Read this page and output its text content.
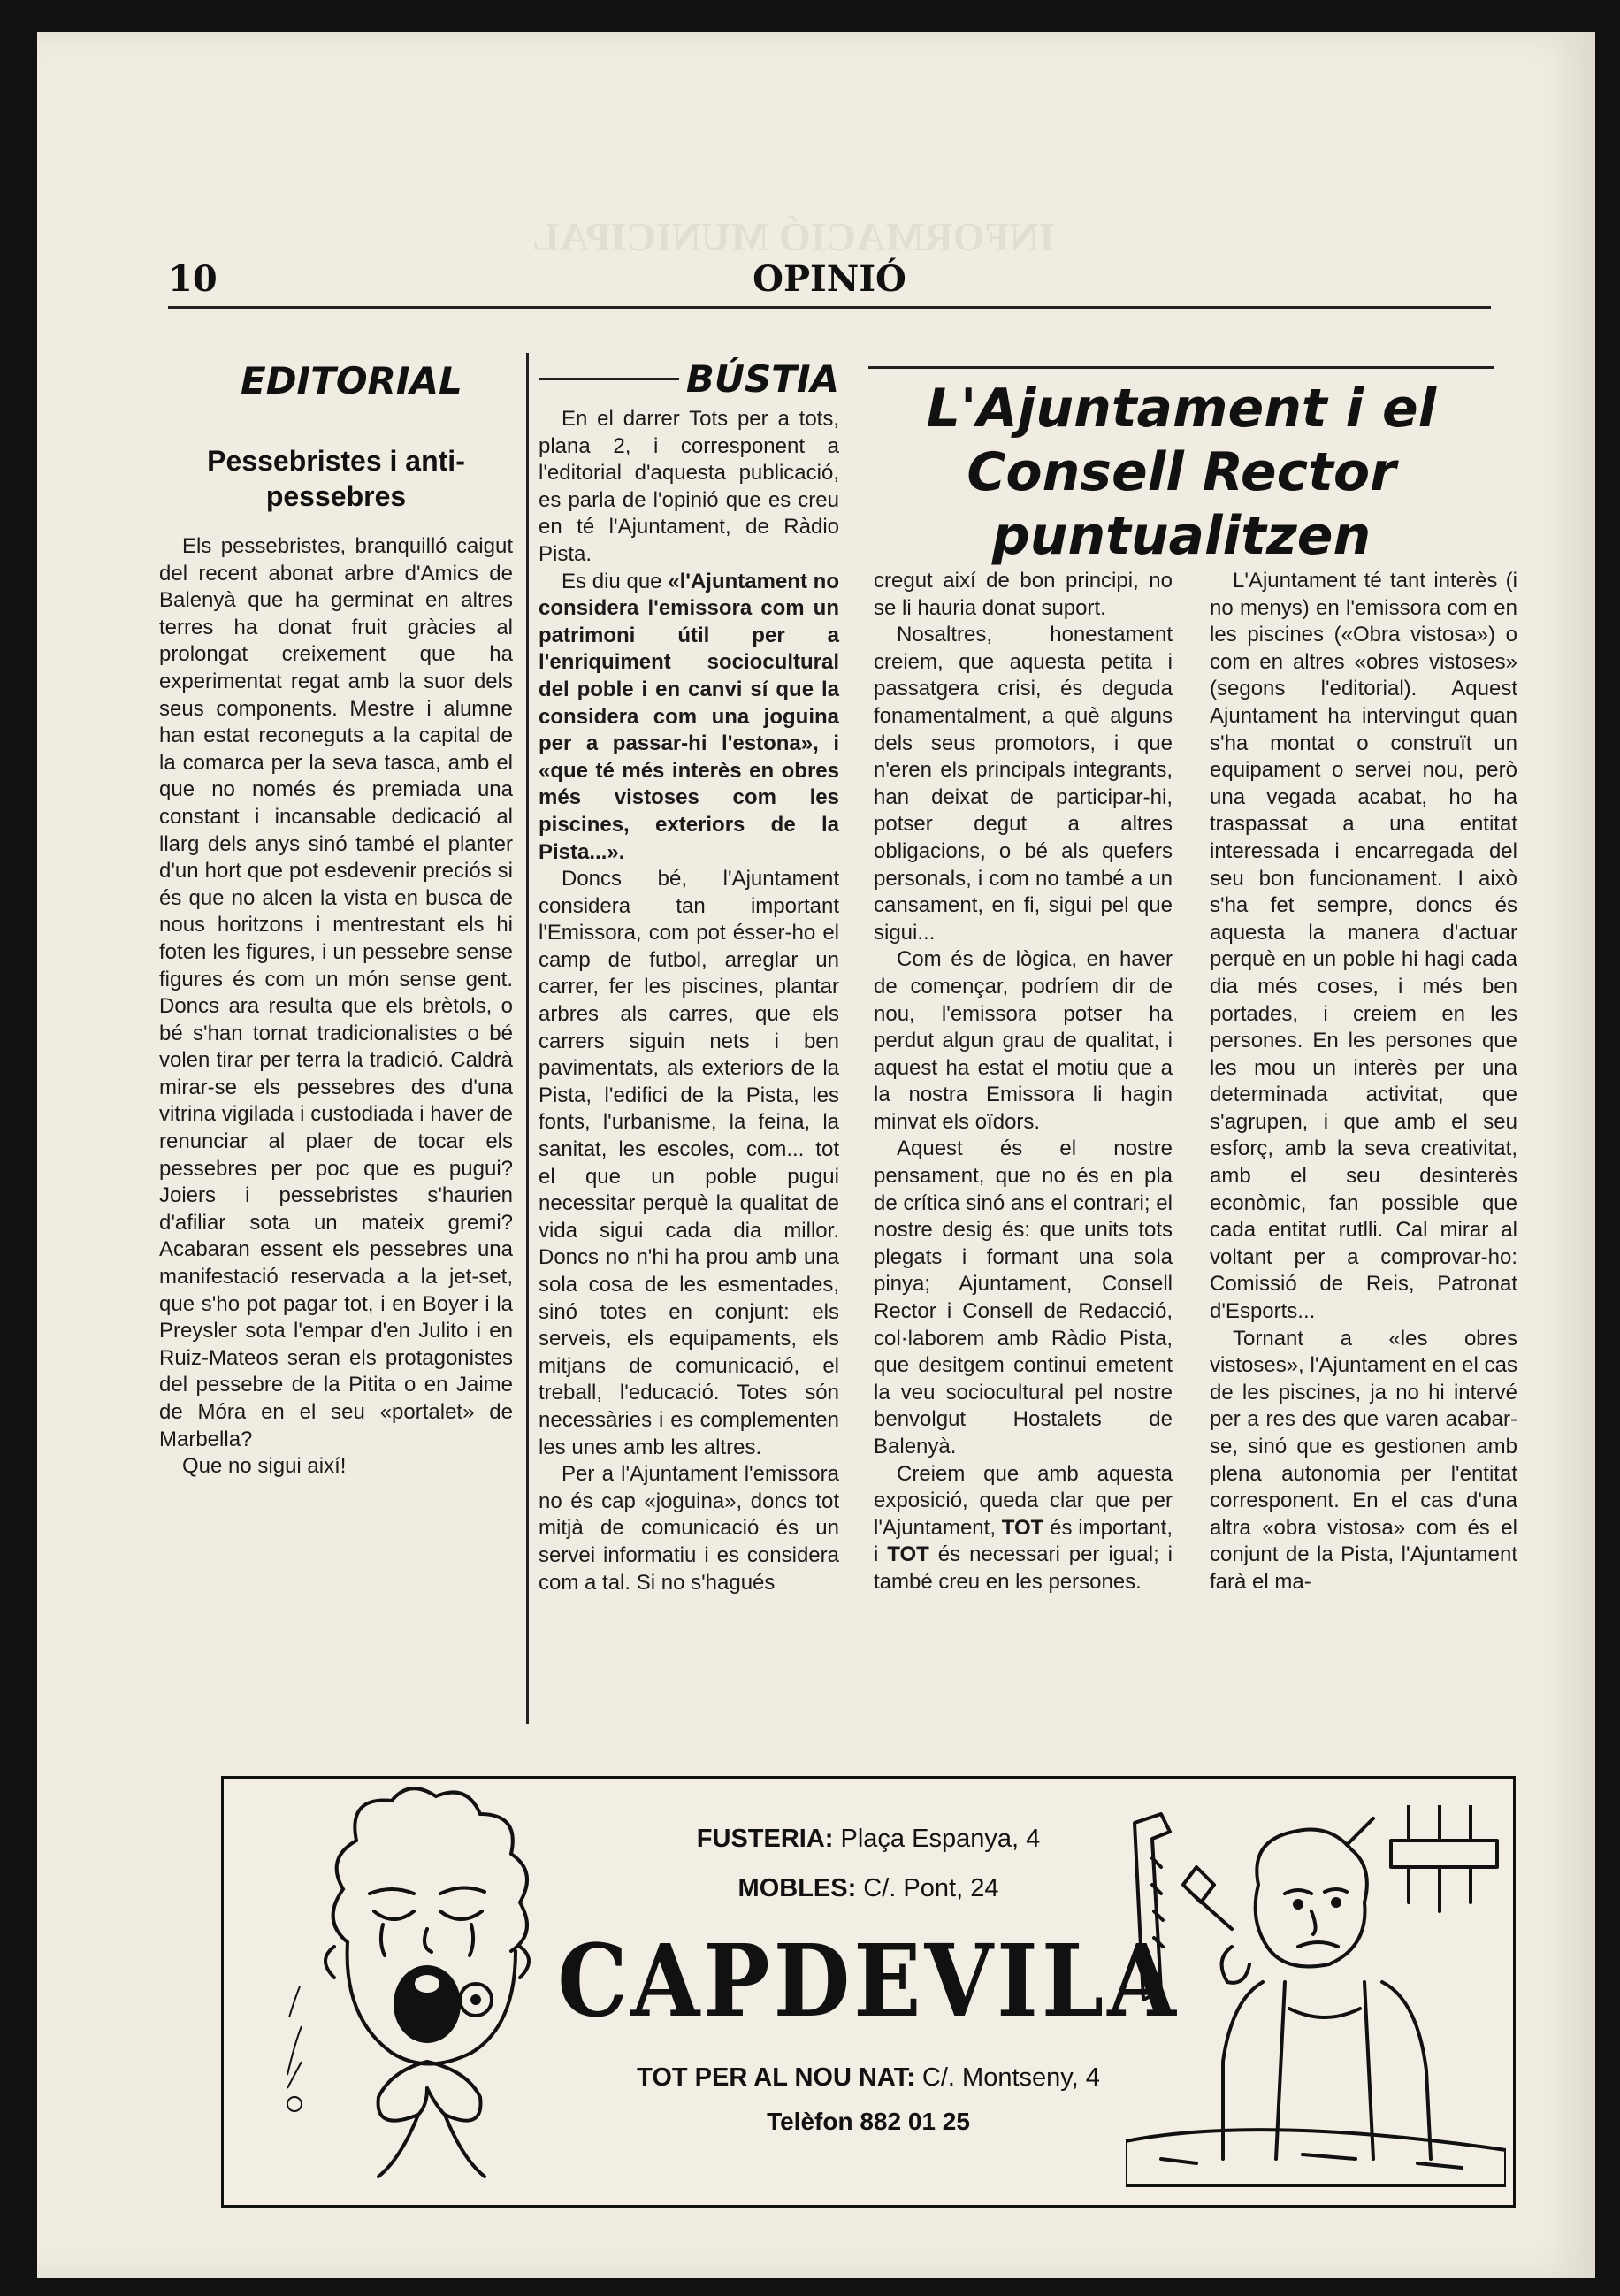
INFORMACIÓ MUNICIPAL
10	OPINIÓ
EDITORIAL
Pessebristes i anti-pessebres

Els pessebristes, branquilló caigut del recent abonat arbre d'Amics de Balenyà que ha germinat en altres terres ha donat fruit gràcies al prolongat creixement que ha experimentat regat amb la suor dels seus components. Mestre i alumne han estat reconeguts a la capital de la comarca per la seva tasca, amb el que no només és premiada una constant i incansable dedicació al llarg dels anys sinó també el planter d'un hort que pot esdevenir preciós si és que no alcen la vista en busca de nous horitzons i mentrestant els hi foten les figures, i un pessebre sense figures és com un món sense gent. Doncs ara resulta que els brètols, o bé s'han tornat tradicionalistes o bé volen tirar per terra la tradició. Caldrà mirar-se els pessebres des d'una vitrina vigilada i custodiada i haver de renunciar al plaer de tocar els pessebres per poc que es pugui? Joiers i pessebristes s'haurien d'afiliar sota un mateix gremi? Acabaran essent els pessebres una manifestació reservada a la jet-set, que s'ho pot pagar tot, i en Boyer i la Preysler sota l'empar d'en Julito i en Ruiz-Mateos seran els protagonistes del pessebre de la Pitita o en Jaime de Móra en el seu «portalet» de Marbella?

Que no sigui així!

BÚSTIA

En el darrer Tots per a tots, plana 2, i corresponent a l'editorial d'aquesta publicació, es parla de l'opinió que es creu en té l'Ajuntament, de Ràdio Pista.

Es diu que «l'Ajuntament no considera l'emissora com un patrimoni útil per a l'enriquiment sociocultural del poble i en canvi sí que la considera com una joguina per a passar-hi l'estona», i «que té més interès en obres més vistoses com les piscines, exteriors de la Pista...».

Doncs bé, l'Ajuntament considera tan important l'Emissora, com pot ésser-ho el camp de futbol, arreglar un carrer, fer les piscines, plantar arbres als carres, que els carrers siguin nets i ben pavimentats, als exteriors de la Pista, l'edifici de la Pista, les fonts, l'urbanisme, la feina, la sanitat, les escoles, com... tot el que un poble pugui necessitar perquè la qualitat de vida sigui cada dia millor. Doncs no n'hi ha prou amb una sola cosa de les esmentades, sinó totes en conjunt: els serveis, els equipaments, els mitjans de comunicació, el treball, l'educació. Totes són necessàries i es complementen les unes amb les altres.

Per a l'Ajuntament l'emissora no és cap «joguina», doncs tot mitjà de comunicació és un servei informatiu i es considera com a tal. Si no s'hagués

L'Ajuntament i el Consell Rector puntualitzen

cregut així de bon principi, no se li hauria donat suport.

Nosaltres, honestament creiem, que aquesta petita i passatgera crisi, és deguda fonamentalment, a què alguns dels seus promotors, i que n'eren els principals integrants, han deixat de participar-hi, potser degut a altres obligacions, o bé als quefers personals, i com no també a un cansament, en fi, sigui pel que sigui...

Com és de lògica, en haver de començar, podríem dir de nou, l'emissora potser ha perdut algun grau de qualitat, i aquest ha estat el motiu que a la nostra Emissora li hagin minvat els oïdors.

Aquest és el nostre pensament, que no és en pla de crítica sinó ans el contrari; el nostre desig és: que units tots plegats i formant una sola pinya; Ajuntament, Consell Rector i Consell de Redacció, col·laborem amb Ràdio Pista, que desitgem continui emetent la veu sociocultural pel nostre benvolgut Hostalets de Balenyà.

Creiem que amb aquesta exposició, queda clar que per l'Ajuntament, TOT és important, i TOT és necessari per igual; i també creu en les persones.

L'Ajuntament té tant interès (i no menys) en l'emissora com en les piscines («Obra vistosa») o com en altres «obres vistoses» (segons l'editorial). Aquest Ajuntament ha intervingut quan s'ha montat o construït un equipament o servei nou, però una vegada acabat, ho ha traspassat a una entitat interessada i encarregada del seu bon funcionament. I això s'ha fet sempre, doncs és aquesta la manera d'actuar perquè en un poble hi hagi cada dia més coses, i més ben portades, i creiem en les persones. En les persones que les mou un interès per una determinada activitat, que s'agrupen, i que amb el seu esforç, amb la seva creativitat, amb el seu desinterès econòmic, fan possible que cada entitat rutlli. Cal mirar al voltant per a comprovar-ho: Comissió de Reis, Patronat d'Esports...

Tornant a «les obres vistoses», l'Ajuntament en el cas de les piscines, ja no hi intervé per a res des que varen acabar-se, sinó que es gestionen amb plena autonomia per l'entitat corresponent. En el cas d'una altra «obra vistosa» com és el conjunt de la Pista, l'Ajuntament farà el ma-

FUSTERIA: Plaça Espanya, 4
MOBLES: C/. Pont, 24
CAPDEVILA
TOT PER AL NOU NAT: C/. Montseny, 4
Telèfon 882 01 25
